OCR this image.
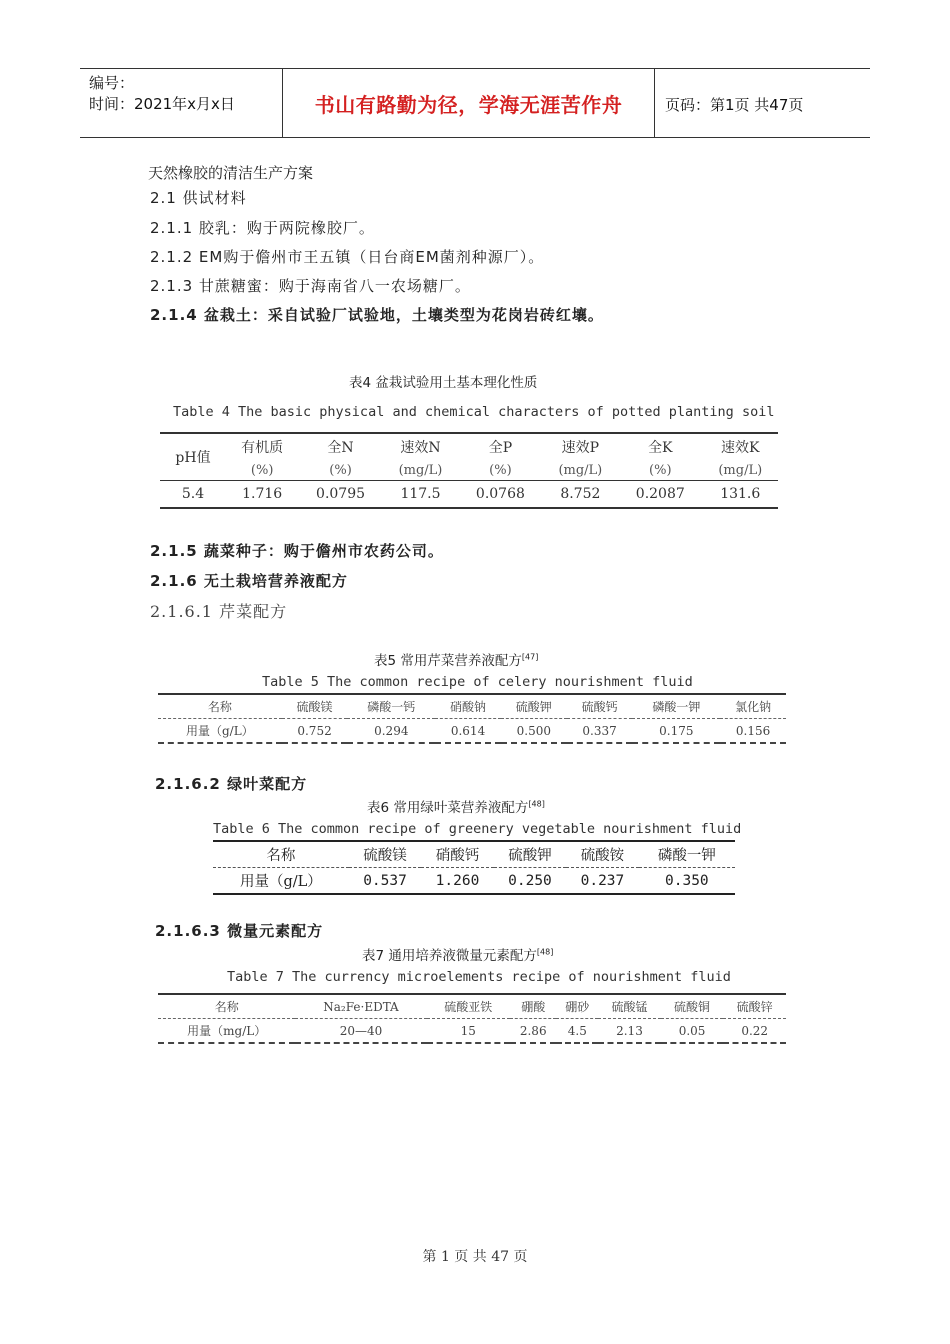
编号：
时间：2021年x月x日	书山有路勤为径，学海无涯苦作舟	页码：第1页 共47页
天然橡胶的清洁生产方案
2.1 供试材料
2.1.1 胶乳：购于两院橡胶厂。
2.1.2 EM购于儋州市王五镇（日台商EM菌剂种源厂）。
2.1.3 甘蔗糖蜜：购于海南省八一农场糖厂。
2.1.4 盆栽土：采自试验厂试验地，土壤类型为花岗岩砖红壤。
表4 盆栽试验用土基本理化性质
Table 4 The basic physical and chemical characters of potted planting soil
pH值	有机质	全N	速效N	全P	速效P	全K	速效K
	(%)	(%)	(mg/L)	(%)	(mg/L)	(%)	(mg/L)
5.4	1.716	0.0795	117.5	0.0768	8.752	0.2087	131.6
2.1.5 蔬菜种子：购于儋州市农药公司。
2.1.6 无土栽培营养液配方
2.1.6.1 芹菜配方
表5 常用芹菜营养液配方[47]
Table 5 The common recipe of celery nourishment fluid
名称	硫酸镁	磷酸一钙	硝酸钠	硫酸钾	硫酸钙	磷酸一钾	氯化钠
用量（g/L）	0.752	0.294	0.614	0.500	0.337	0.175	0.156
2.1.6.2 绿叶菜配方
表6 常用绿叶菜营养液配方[48]
Table 6 The common recipe of greenery vegetable nourishment fluid
名称	硫酸镁	硝酸钙	硫酸钾	硫酸铵	磷酸一钾
用量（g/L）	0.537	1.260	0.250	0.237	0.350
2.1.6.3 微量元素配方
表7 通用培养液微量元素配方[48]
Table 7 The currency microelements recipe of nourishment fluid
名称	Na₂Fe·EDTA	硫酸亚铁	硼酸	硼砂	硫酸锰	硫酸铜	硫酸锌
用量（mg/L）	20—40	15	2.86	4.5	2.13	0.05	0.22
第 1 页 共 47 页
